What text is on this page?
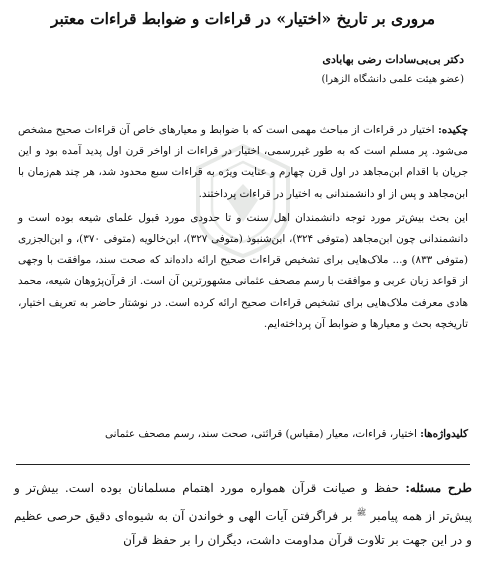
مروری بر تاریخ «اختیار» در قراءات و ضوابط قراءات معتبر
دکتر بی‌بی‌سادات رضی بهابادی
(عضو هیئت علمی دانشگاه الزهرا)

چکیده: اختیار در قراءات از مباحث مهمی است که با ضوابط و معیارهای خاص آن قراءات صحیح مشخص می‌شود. پر مسلم است که به طور غیررسمی، اختیار در قراءات از اواخر قرن اول پدید آمده بود و این جریان با اقدام ابن‌مجاهد در اول قرن چهارم و عنایت ویژه به قراءات سبع محدود شد، هر چند هم‌زمان با ابن‌مجاهد و پس از او دانشمندانی به اختیار در قراءات پرداختند.

این بحث بیش‌تر مورد توجه دانشمندان اهل سنت و تا حدودی مورد قبول علمای شیعه بوده است و دانشمندانی چون ابن‌مجاهد (متوفی ۳۲۴)، ابن‌شنبوذ (متوفی ۳۲۷)، ابن‌خالویه (متوفی ۳۷۰)، و ابن‌الجزری (متوفی ۸۳۳) و... ملاک‌هایی برای تشخیص قراءات صحیح ارائه داده‌اند که صحت سند، موافقت با وجهی از قواعد زبان عربی و موافقت با رسم مصحف عثمانی مشهورترین آن است. از قرآن‌پژوهان شیعه، محمد هادی معرفت ملاک‌هایی برای تشخیص قراءات صحیح ارائه کرده است. در نوشتار حاضر به تعریف اختیار، تاریخچه بحث و معیارها و ضوابط آن پرداخته‌ایم.

کلیدواژه‌ها: اختیار، قراءات، معیار (مقیاس) قرائتی، صحت سند، رسم مصحف عثمانی
طرح مسئله: حفظ و صیانت قرآن همواره مورد اهتمام مسلمانان بوده است. بیش‌تر و پیش‌تر از همه پیامبر $^ﷺ$ بر فراگرفتن آیات الهی و خواندن آن به شیوه‌ای دقیق حرصی عظیم و در این جهت بر تلاوت قرآن مداومت داشت، دیگران را بر حفظ قرآن
